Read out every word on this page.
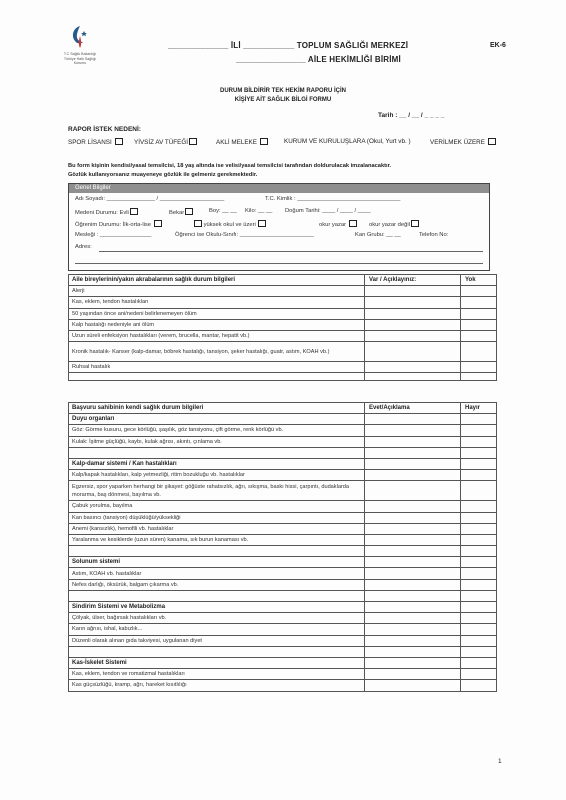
T.C Sağlık Bakanlığı
Türkiye Halk Sağlığı
Kurumu
_____________ İLİ ___________ TOPLUM SAĞLIĞI MERKEZİ
_______________ AİLE HEKİMLİĞİ BİRİMİ
EK-6
DURUM BİLDİRİR TEK HEKİM RAPORU İÇİN
KİŞİYE AİT SAĞLIK BİLGİ FORMU
Tarih : __ / __ / _ _ _ _
RAPOR İSTEK NEDENİ:
SPOR LİSANSI	YİVSİZ AV TÜFEĞİ	AKLİ MELEKE	KURUM VE KURULUŞLARA (Okul, Yurt vb. )	VERİLMEK ÜZERE
Bu form kişinin kendisi/yasal temsilcisi, 18 yaş altında ise velisi/yasal temsilcisi tarafından doldurulacak imzalanacaktır.
Gözlük kullanıyorsanız muayeneye gözlük ile gelmeniz gerekmektedir.
Genel Bilgiler
Adı Soyadı: _______________ / ____________________	T.C. Kimlik : ________________________________
Medeni Durumu: Evli	Bekar	Boy: __ __ Kilo: __ __ Doğum Tarihi: ____ / ____ / ____
Öğrenim Durumu: İlk-orta-lise	yüksek okul ve üzeri	okur yazar	okur yazar değil
Mesleği : ________________	Öğrenci ise Okulu-Sınıfı: _______________________	Kan Grubu: __ __	Telefon No:
Adres:
Aile bireylerinin/yakın akrabalarının sağlık durum bilgileri	Var / Açıklayınız:	Yok
Alerji		
Kas, eklem, tendon hastalıkları		
50 yaşından önce ani/nedeni belirlenemeyen ölüm		
Kalp hastalığı nedeniyle ani ölüm		
Uzun süreli enfeksiyon hastalıkları (verem, brucella, mantar, hepatit vb.)		
Kronik hastalık- Kanser (kalp-damar, böbrek hastalığı, tansiyon, şeker hastalığı, guatr, astım, KOAH vb.)		
Ruhsal hastalık		

Başvuru sahibinin kendi sağlık durum bilgileri	Evet/Açıklama	Hayır
Duyu organları		
Göz: Görme kusuru, gece körlüğü, şaşılık, göz tansiyonu, çift görme, renk körlüğü vb.		
Kulak: İşitme güçlüğü, kaybı, kulak ağrısı, akıntı, çınlama vb.		

Kalp-damar sistemi / Kan hastalıkları		
Kalp/kapak hastalıkları, kalp yetmezliği, ritim bozukluğu vb. hastalıklar		
Egzersiz, spor yaparken herhangi bir şikayet: göğüste rahatsızlık, ağrı, sıkışma, baskı hissi, çarpıntı, dudaklarda morarma, baş dönmesi, bayılma vb.		
Çabuk yorulma, bayılma		
Kan basıncı (tansiyon) düşüklüğü/yüksekliği		
Anemi (kansızlık), hemofili vb. hastalıklar		
Yaralanma ve kesiklerde (uzun süren) kanama, sık burun kanaması vb.		

Solunum sistemi		
Astım, KOAH vb. hastalıklar		
Nefes darlığı, öksürük, balgam çıkarma vb.		

Sindirim Sistemi ve Metabolizma		
Çölyak, ülser, bağırsak hastalıkları vb.		
Karın ağrısı, ishal, kabızlık...		
Düzenli olarak alınan gıda takviyesi, uygulanan diyet		

Kas-İskelet Sistemi		
Kas, eklem, tendon ve romatizmal hastalıkları		
Kas güçsüzlüğü, kramp, ağrı, hareket kısıtlılığı		
1
